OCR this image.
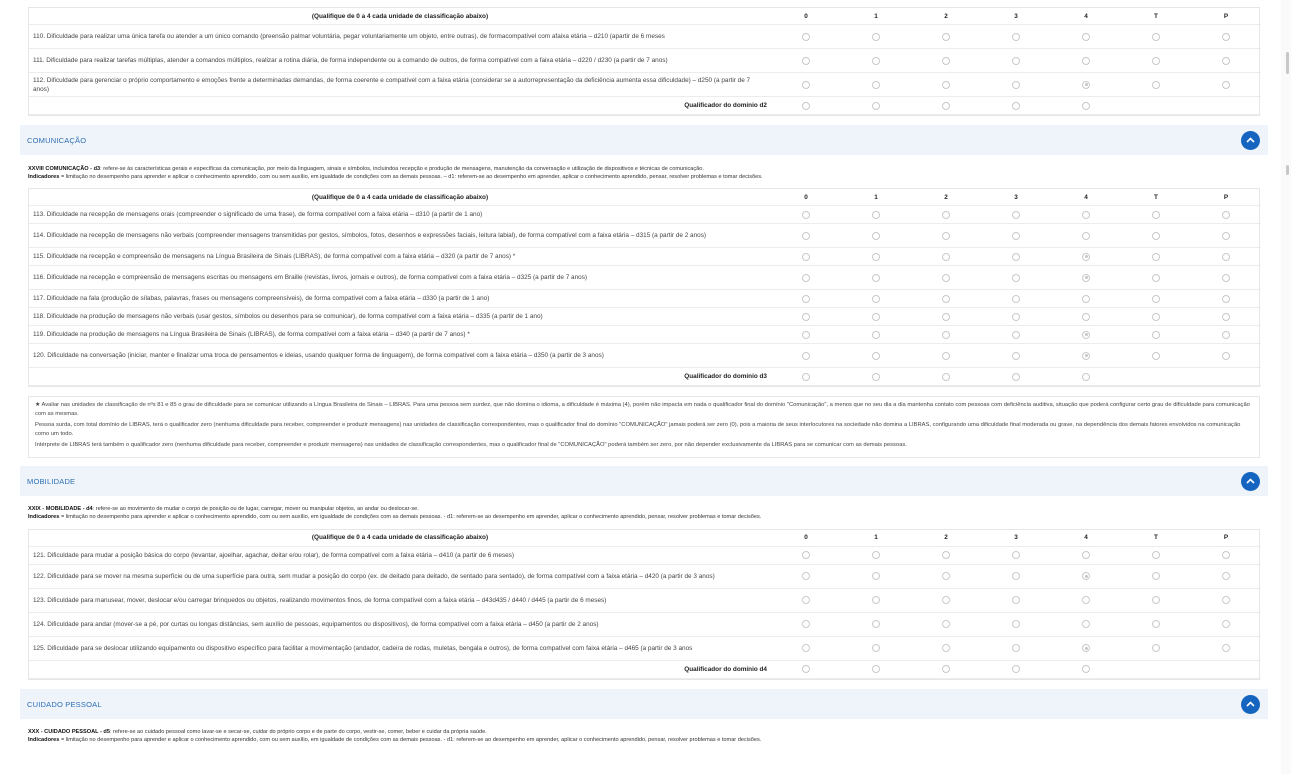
(Qualifique de 0 a 4 cada unidade de classificação abaixo)	0	1	2	3	4	T	P
110. Dificuldade para realizar uma única tarefa ou atender a um único comando (preensão palmar voluntária, pegar voluntariamente um objeto, entre outras), de formacompatível com afaixa etária – d210 (apartir de 6 meses							
111. Dificuldade para realizar tarefas múltiplas, atender a comandos múltiplos, realizar a rotina diária, de forma independente ou a comando de outros, de forma compatível com a faixa etária – d220 / d230 (a partir de 7 anos)							
112. Dificuldade para gerenciar o próprio comportamento e emoções frente a determinadas demandas, de forma coerente e compatível com a faixa etária (considerar se a autorrepresentação da deficiência aumenta essa dificuldade) – d250 (a partir de 7 anos)							
Qualificador do domínio d2							
COMUNICAÇÃO
XXVIII COMUNICAÇÃO - d3: refere-se às características gerais e específicas da comunicação, por meio da linguagem, sinais e símbolos, incluindoa recepção e produção de mensagens, manutenção da conversação e utilização de dispositivos e técnicas de comunicação.
Indicadores = limitação no desempenho para aprender e aplicar o conhecimento aprendido, com ou sem auxílio, em igualdade de condições com as demais pessoas. – d1: referem-se ao desempenho em aprender, aplicar o conhecimento aprendido, pensar, resolver problemas e tomar decisões.
(Qualifique de 0 a 4 cada unidade de classificação abaixo)	0	1	2	3	4	T	P
113. Dificuldade na recepção de mensagens orais (compreender o significado de uma frase), de forma compatível com a faixa etária – d310 (a partir de 1 ano)							
114. Dificuldade na recepção de mensagens não verbais (compreender mensagens transmitidas por gestos, símbolos, fotos, desenhos e expressões faciais, leitura labial), de forma compatível com a faixa etária – d315 (a partir de 2 anos)							
115. Dificuldade na recepção e compreensão de mensagens na Língua Brasileira de Sinais (LIBRAS), de forma compatível com a faixa etária – d320 (a partir de 7 anos) *							
116. Dificuldade na recepção e compreensão de mensagens escritas ou mensagens em Braille (revistas, livros, jornais e outros), de forma compatível com a faixa etária – d325 (a partir de 7 anos)							
117. Dificuldade na fala (produção de sílabas, palavras, frases ou mensagens compreensíveis), de forma compatível com a faixa etária – d330 (a partir de 1 ano)							
118. Dificuldade na produção de mensagens não verbais (usar gestos, símbolos ou desenhos para se comunicar), de forma compatível com a faixa etária – d335 (a partir de 1 ano)							
119. Dificuldade na produção de mensagens na Língua Brasileira de Sinais (LIBRAS), de forma compatível com a faixa etária – d340 (a partir de 7 anos) *							
120. Dificuldade na conversação (iniciar, manter e finalizar uma troca de pensamentos e ideias, usando qualquer forma de linguagem), de forma compatível com a faixa etária – d350 (a partir de 3 anos)							
Qualificador do domínio d3							

★ Avaliar nas unidades de classificação de nºs 81 e 85 o grau de dificuldade para se comunicar utilizando a Língua Brasileira de Sinais – LIBRAS. Para uma pessoa sem surdez, que não domina o idioma, a dificuldade é máxima (4), porém não impacta em nada o qualificador final do domínio "Comunicação", a menos que no seu dia a dia mantenha contato com pessoas com deficiência auditiva, situação que poderá configurar certo grau de dificuldade para comunicação com as mesmas.

Pessoa surda, com total domínio de LIBRAS, terá o qualificador zero (nenhuma dificuldade para receber, compreender e produzir mensagens) nas unidades de classificação correspondentes, mas o qualificador final do domínio "COMUNICAÇÃO" jamais poderá ser zero (0), pois a maioria de seus interlocutores na sociedade não domina a LIBRAS, configurando uma dificuldade final moderada ou grave, na dependência dos demais fatores envolvidos na comunicação como um todo.

Intérprete de LIBRAS terá também o qualificador zero (nenhuma dificuldade para receber, compreender e produzir mensagens) nas unidades de classificação correspondentes, mas o qualificador final de "COMUNICAÇÃO" poderá também ser zero, por não depender exclusivamente da LIBRAS para se comunicar com as demais pessoas.

MOBILIDADE
XXIX - MOBILIDADE - d4: refere-se ao movimento de mudar o corpo de posição ou de lugar, carregar, mover ou manipular objetos, ao andar ou deslocar-se.
Indicadores = limitação no desempenho para aprender e aplicar o conhecimento aprendido, com ou sem auxílio, em igualdade de condições com as demais pessoas. - d1: referem-se ao desempenho em aprender, aplicar o conhecimento aprendido, pensar, resolver problemas e tomar decisões.
(Qualifique de 0 a 4 cada unidade de classificação abaixo)	0	1	2	3	4	T	P
121. Dificuldade para mudar a posição básica do corpo (levantar, ajoelhar, agachar, deitar e/ou rolar), de forma compatível com a faixa etária – d410 (a partir de 6 meses)							
122. Dificuldade para se mover na mesma superfície ou de uma superfície para outra, sem mudar a posição do corpo (ex. de deitado para deitado, de sentado para sentado), de forma compatível com a faixa etária – d420 (a partir de 3 anos)							
123. Dificuldade para manusear, mover, deslocar e/ou carregar brinquedos ou objetos, realizando movimentos finos, de forma compatível com a faixa etária – d43d435 / d440 / d445 (a partir de 6 meses)							
124. Dificuldade para andar (mover-se a pé, por curtas ou longas distâncias, sem auxílio de pessoas, equipamentos ou dispositivos), de forma compatível com a faixa etária – d450 (a partir de 2 anos)							
125. Dificuldade para se deslocar utilizando equipamento ou dispositivo específico para facilitar a movimentação (andador, cadeira de rodas, muletas, bengala e outros), de forma compatível com faixa etária – d465 (a partir de 3 anos							
Qualificador do domínio d4							
CUIDADO PESSOAL
XXX - CUIDADO PESSOAL - d5: refere-se ao cuidado pessoal como lavar-se e secar-se, cuidar do próprio corpo e de parte do corpo, vestir-se, comer, beber e cuidar da própria saúde.
Indicadores = limitação no desempenho para aprender e aplicar o conhecimento aprendido, com ou sem auxílio, em igualdade de condições com as demais pessoas. - d1: referem-se ao desempenho em aprender, aplicar o conhecimento aprendido, pensar, resolver problemas e tomar decisões.
